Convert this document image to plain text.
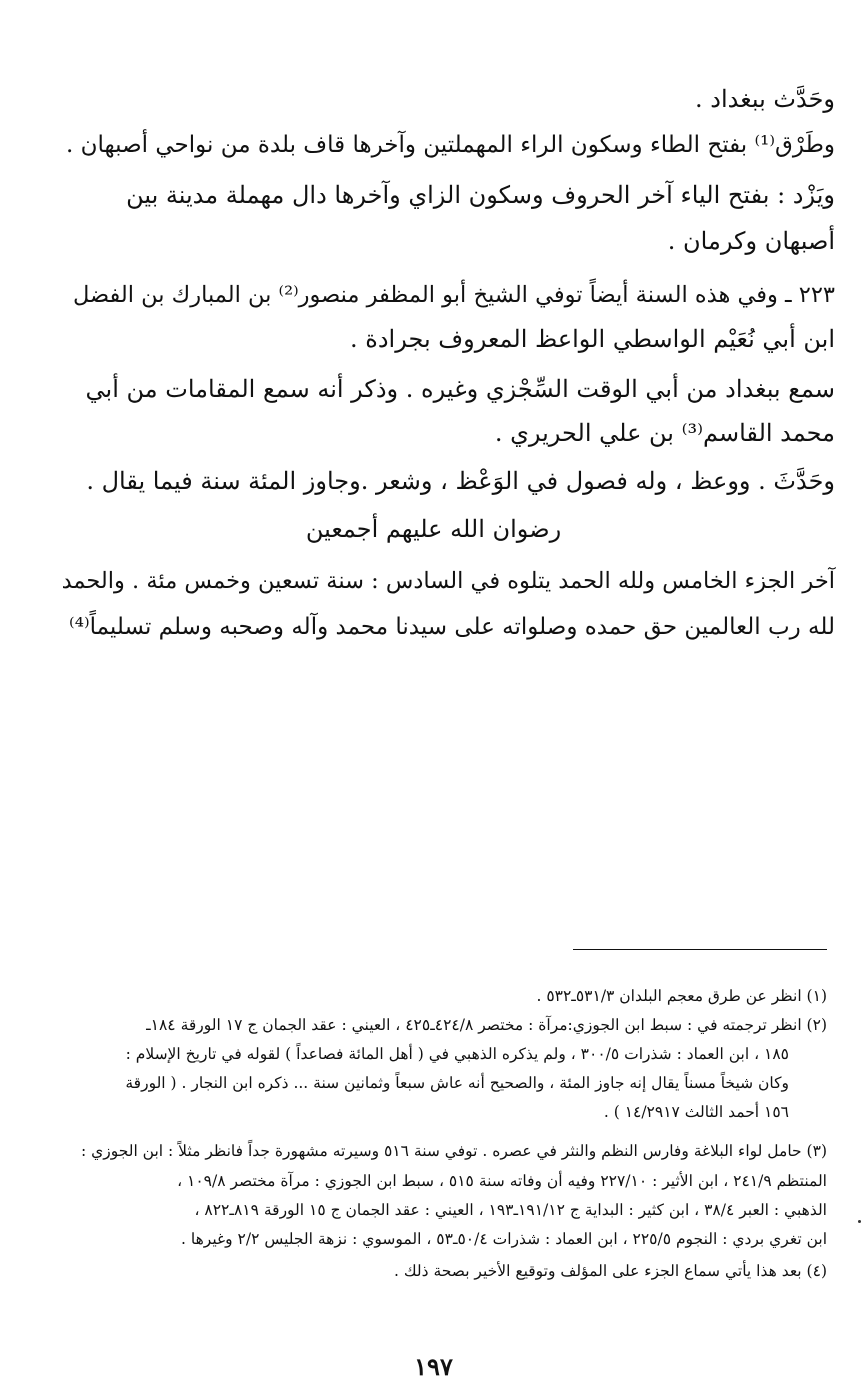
وحَدَّث ببغداد .
وطَرْق⁽¹⁾ بفتح الطاء وسكون الراء المهملتين وآخرها قاف بلدة من نواحي أصبهان .
ويَزْد : بفتح الياء آخر الحروف وسكون الزاي وآخرها دال مهملة مدينة بين
أصبهان وكرمان .
٢٢٣ ـ وفي هذه السنة أيضاً توفي الشيخ أبو المظفر منصور⁽²⁾ بن المبارك بن الفضل
ابن أبي نُعَيْم الواسطي الواعظ المعروف بجرادة .
سمع ببغداد من أبي الوقت السِّجْزي وغيره . وذكر أنه سمع المقامات من أبي
محمد القاسم⁽³⁾ بن علي الحريري .
وحَدَّثَ . ووعظ ، وله فصول في الوَعْظ ، وشعر .وجاوز المئة سنة فيما يقال .
رضوان الله عليهم أجمعين
آخر الجزء الخامس ولله الحمد يتلوه في السادس : سنة تسعين وخمس مئة . والحمد
لله رب العالمين حق حمده وصلواته على سيدنا محمد وآله وصحبه وسلم تسليماً⁽⁴⁾
(١) انظر عن طرق معجم البلدان ٥٣١/٣ـ٥٣٢ .
(٢) انظر ترجمته في : سبط ابن الجوزي:مرآة : مختصر ٤٢٤/٨ـ٤٢٥ ، العيني : عقد الجمان ج ١٧ الورقة ١٨٤ـ
١٨٥ ، ابن العماد : شذرات ٣٠٠/٥ ، ولم يذكره الذهبي في ( أهل المائة فصاعداً ) لقوله في تاريخ الإسلام :
وكان شيخاً مسناً يقال إنه جاوز المئة ، والصحيح أنه عاش سبعاً وثمانين سنة ... ذكره ابن النجار . ( الورقة
١٥٦ أحمد الثالث ١٤/٢٩١٧ ) .
(٣) حامل لواء البلاغة وفارس النظم والنثر في عصره . توفي سنة ٥١٦ وسيرته مشهورة جداً فانظر مثلاً : ابن الجوزي :
المنتظم ٢٤١/٩ ، ابن الأثير : ٢٢٧/١٠ وفيه أن وفاته سنة ٥١٥ ، سبط ابن الجوزي : مرآة مختصر ١٠٩/٨ ،
الذهبي : العبر ٣٨/٤ ، ابن كثير : البداية ج ١٩١/١٢ـ١٩٣ ، العيني : عقد الجمان ج ١٥ الورقة ٨١٩ـ٨٢٢ ،
ابن تغري بردي : النجوم ٢٢٥/٥ ، ابن العماد : شذرات ٥٠/٤ـ٥٣ ، الموسوي : نزهة الجليس ٢/٢ وغيرها .
(٤) بعد هذا يأتي سماع الجزء على المؤلف وتوقيع الأخير بصحة ذلك .
١٩٧
